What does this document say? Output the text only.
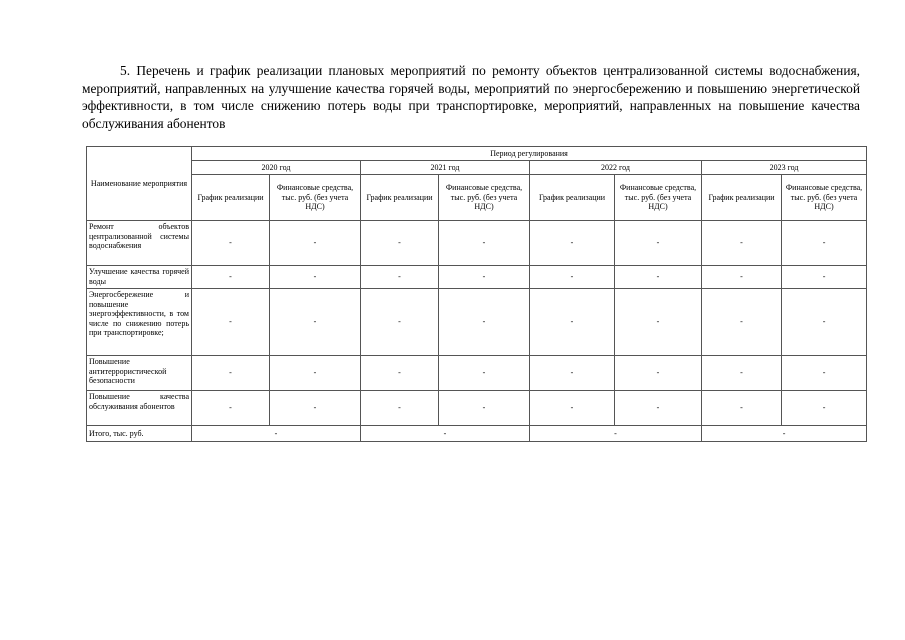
5. Перечень и график реализации плановых мероприятий по ремонту объектов централизованной системы водоснабжения, мероприятий, направленных на улучшение качества горячей воды, мероприятий по энергосбережению и повышению энергетической эффективности, в том числе снижению потерь воды при транспортировке, мероприятий, направленных на повышение качества обслуживания абонентов

Наименование мероприятия	Период регулирования							
	2020 год		2021 год		2022 год		2023 год	
	График реализации	Финансовые средства, тыс. руб. (без учета НДС)	График реализации	Финансовые средства, тыс. руб. (без учета НДС)	График реализации	Финансовые средства, тыс. руб. (без учета НДС)	График реализации	Финансовые средства, тыс. руб. (без учета НДС)
Ремонт объектов централизованной системы водоснабжения	-	-	-	-	-	-	-	-
Улучшение качества горячей воды	-	-	-	-	-	-	-	-
Энергосбережение и повышение энергоэффективности, в том числе по снижению потерь при транспортировке;	-	-	-	-	-	-	-	-
Повышение антитеррористической безопасности	-	-	-	-	-	-	-	-
Повышение качества обслуживания абонентов	-	-	-	-	-	-	-	-
Итого, тыс. руб.	-		-		-		-	
